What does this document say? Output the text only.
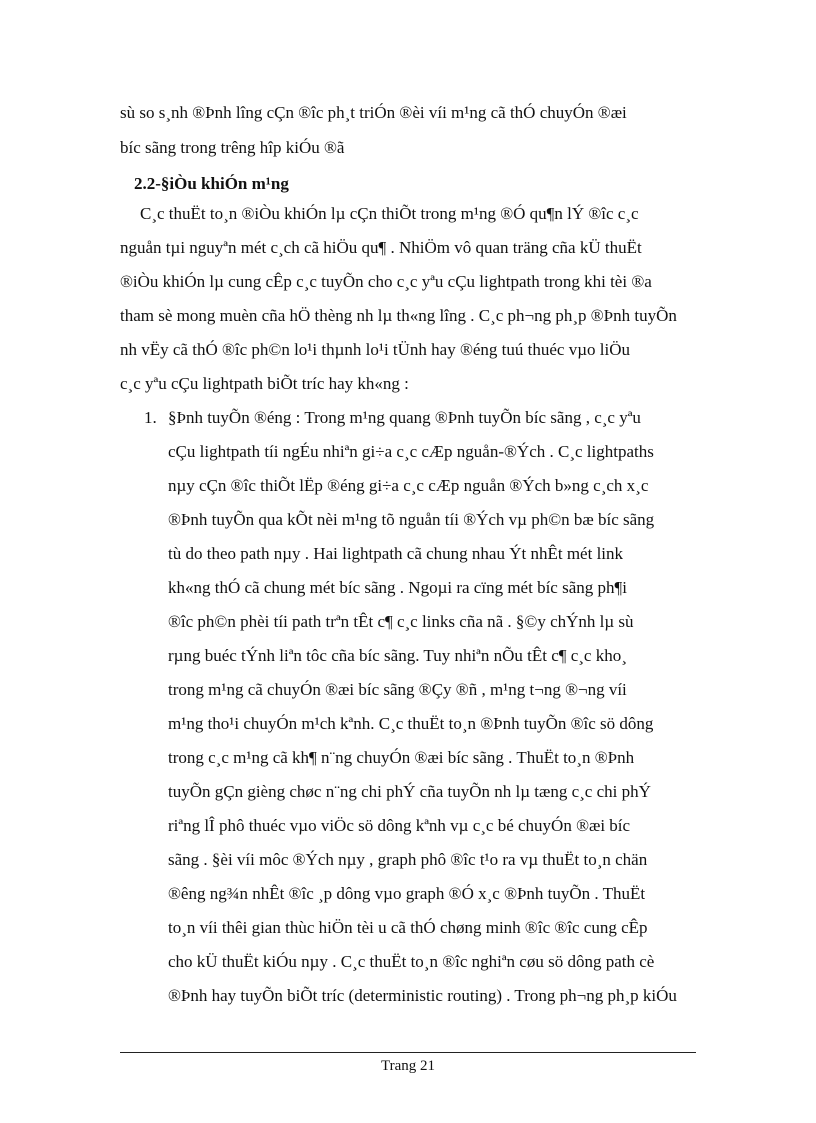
sù so s¸nh ®Þnh lîng cÇn ®îc ph¸t triÓn ®èi víi m¹ng cã thÓ chuyÓn ®æi
bíc sãng trong trêng hîp kiÓu ®ã
2.2-§iÒu khiÓn m¹ng
C¸c thuËt to¸n ®iÒu khiÓn lµ cÇn thiÕt trong m¹ng ®Ó qu¶n lÝ ®îc c¸c
nguån tµi nguyªn mét c¸ch cã hiÖu qu¶ . NhiÖm vô quan träng cña kÜ thuËt
®iÒu khiÓn lµ cung cÊp c¸c tuyÕn cho c¸c yªu cÇu lightpath trong khi tèi ®a
tham sè mong muèn cña hÖ thèng nh lµ th«ng lîng . C¸c ph¬ng ph¸p ®Þnh tuyÕn
nh vËy cã thÓ ®îc ph©n lo¹i thµnh lo¹i tÜnh hay ®éng tuú thuéc vµo liÖu
c¸c yªu cÇu lightpath biÕt tríc hay kh«ng :
1. §Þnh tuyÕn ®éng : Trong m¹ng quang ®Þnh tuyÕn bíc sãng , c¸c yªu
cÇu lightpath tíi ngÉu nhiªn gi÷a c¸c cÆp nguån-®Ých . C¸c lightpaths
nµy cÇn ®îc thiÕt lËp ®éng gi÷a c¸c cÆp nguån ®Ých b»ng c¸ch x¸c
®Þnh tuyÕn qua kÕt nèi m¹ng tõ nguån tíi ®Ých vµ ph©n bæ bíc sãng
tù do theo path nµy . Hai lightpath cã chung nhau Ýt nhÊt mét link
kh«ng thÓ cã chung mét bíc sãng . Ngoµi ra cïng mét bíc sãng ph¶i
®îc ph©n phèi tíi path trªn tÊt c¶ c¸c links cña nã . §©y chÝnh lµ sù
rµng buéc tÝnh liªn tôc cña bíc sãng. Tuy nhiªn nÕu tÊt c¶ c¸c kho¸
trong m¹ng cã chuyÓn ®æi bíc sãng ®Çy ®ñ , m¹ng t¬ng ®¬ng víi
m¹ng tho¹i chuyÓn m¹ch kªnh. C¸c thuËt to¸n ®Þnh tuyÕn ®îc sö dông
trong c¸c m¹ng cã kh¶ n¨ng chuyÓn ®æi bíc sãng . ThuËt to¸n ®Þnh
tuyÕn gÇn gièng chøc n¨ng chi phÝ cña tuyÕn nh lµ tæng c¸c chi phÝ
riªng lÎ phô thuéc vµo viÖc sö dông kªnh vµ c¸c bé chuyÓn ®æi bíc
sãng . §èi víi môc ®Ých nµy , graph phô ®îc t¹o ra vµ thuËt to¸n chän
®êng ng¾n nhÊt ®îc ¸p dông vµo graph ®Ó x¸c ®Þnh tuyÕn . ThuËt
to¸n víi thêi gian thùc hiÖn tèi u cã thÓ chøng minh ®îc ®îc cung cÊp
cho kÜ thuËt kiÓu nµy . C¸c thuËt to¸n ®îc nghiªn cøu sö dông path cè
®Þnh hay tuyÕn biÕt tríc (deterministic routing) . Trong ph¬ng ph¸p kiÓu
Trang 21
